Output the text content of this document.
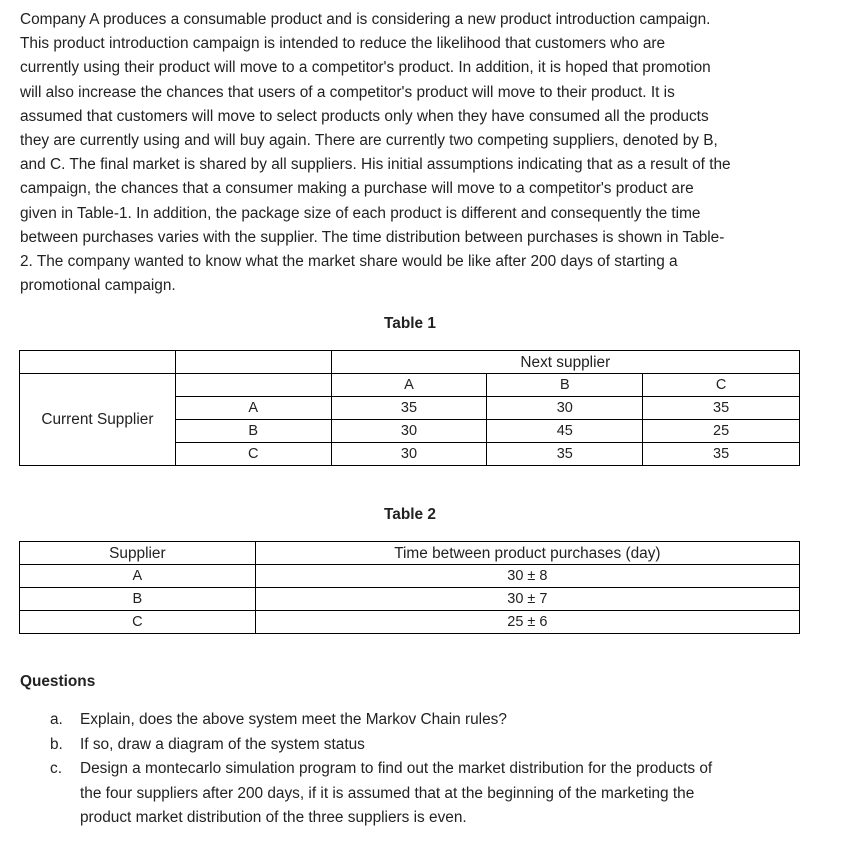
Company A produces a consumable product and is considering a new product introduction campaign.
This product introduction campaign is intended to reduce the likelihood that customers who are
currently using their product will move to a competitor's product. In addition, it is hoped that promotion
will also increase the chances that users of a competitor's product will move to their product. It is
assumed that customers will move to select products only when they have consumed all the products
they are currently using and will buy again. There are currently two competing suppliers, denoted by B,
and C. The final market is shared by all suppliers. His initial assumptions indicating that as a result of the
campaign, the chances that a consumer making a purchase will move to a competitor's product are
given in Table-1. In addition, the package size of each product is different and consequently the time
between purchases varies with the supplier. The time distribution between purchases is shown in Table-
2. The company wanted to know what the market share would be like after 200 days of starting a
promotional campaign.
Table 1
		Next supplier		
Current Supplier		A	B	C
	A	35	30	35
	B	30	45	25
	C	30	35	35
Table 2
Supplier	Time between product purchases (day)
A	30 ± 8
B	30 ± 7
C	25 ± 6
Questions
a.	Explain, does the above system meet the Markov Chain rules?
b.	If so, draw a diagram of the system status
c.	Design a montecarlo simulation program to find out the market distribution for the products of
the four suppliers after 200 days, if it is assumed that at the beginning of the marketing the
product market distribution of the three suppliers is even.
